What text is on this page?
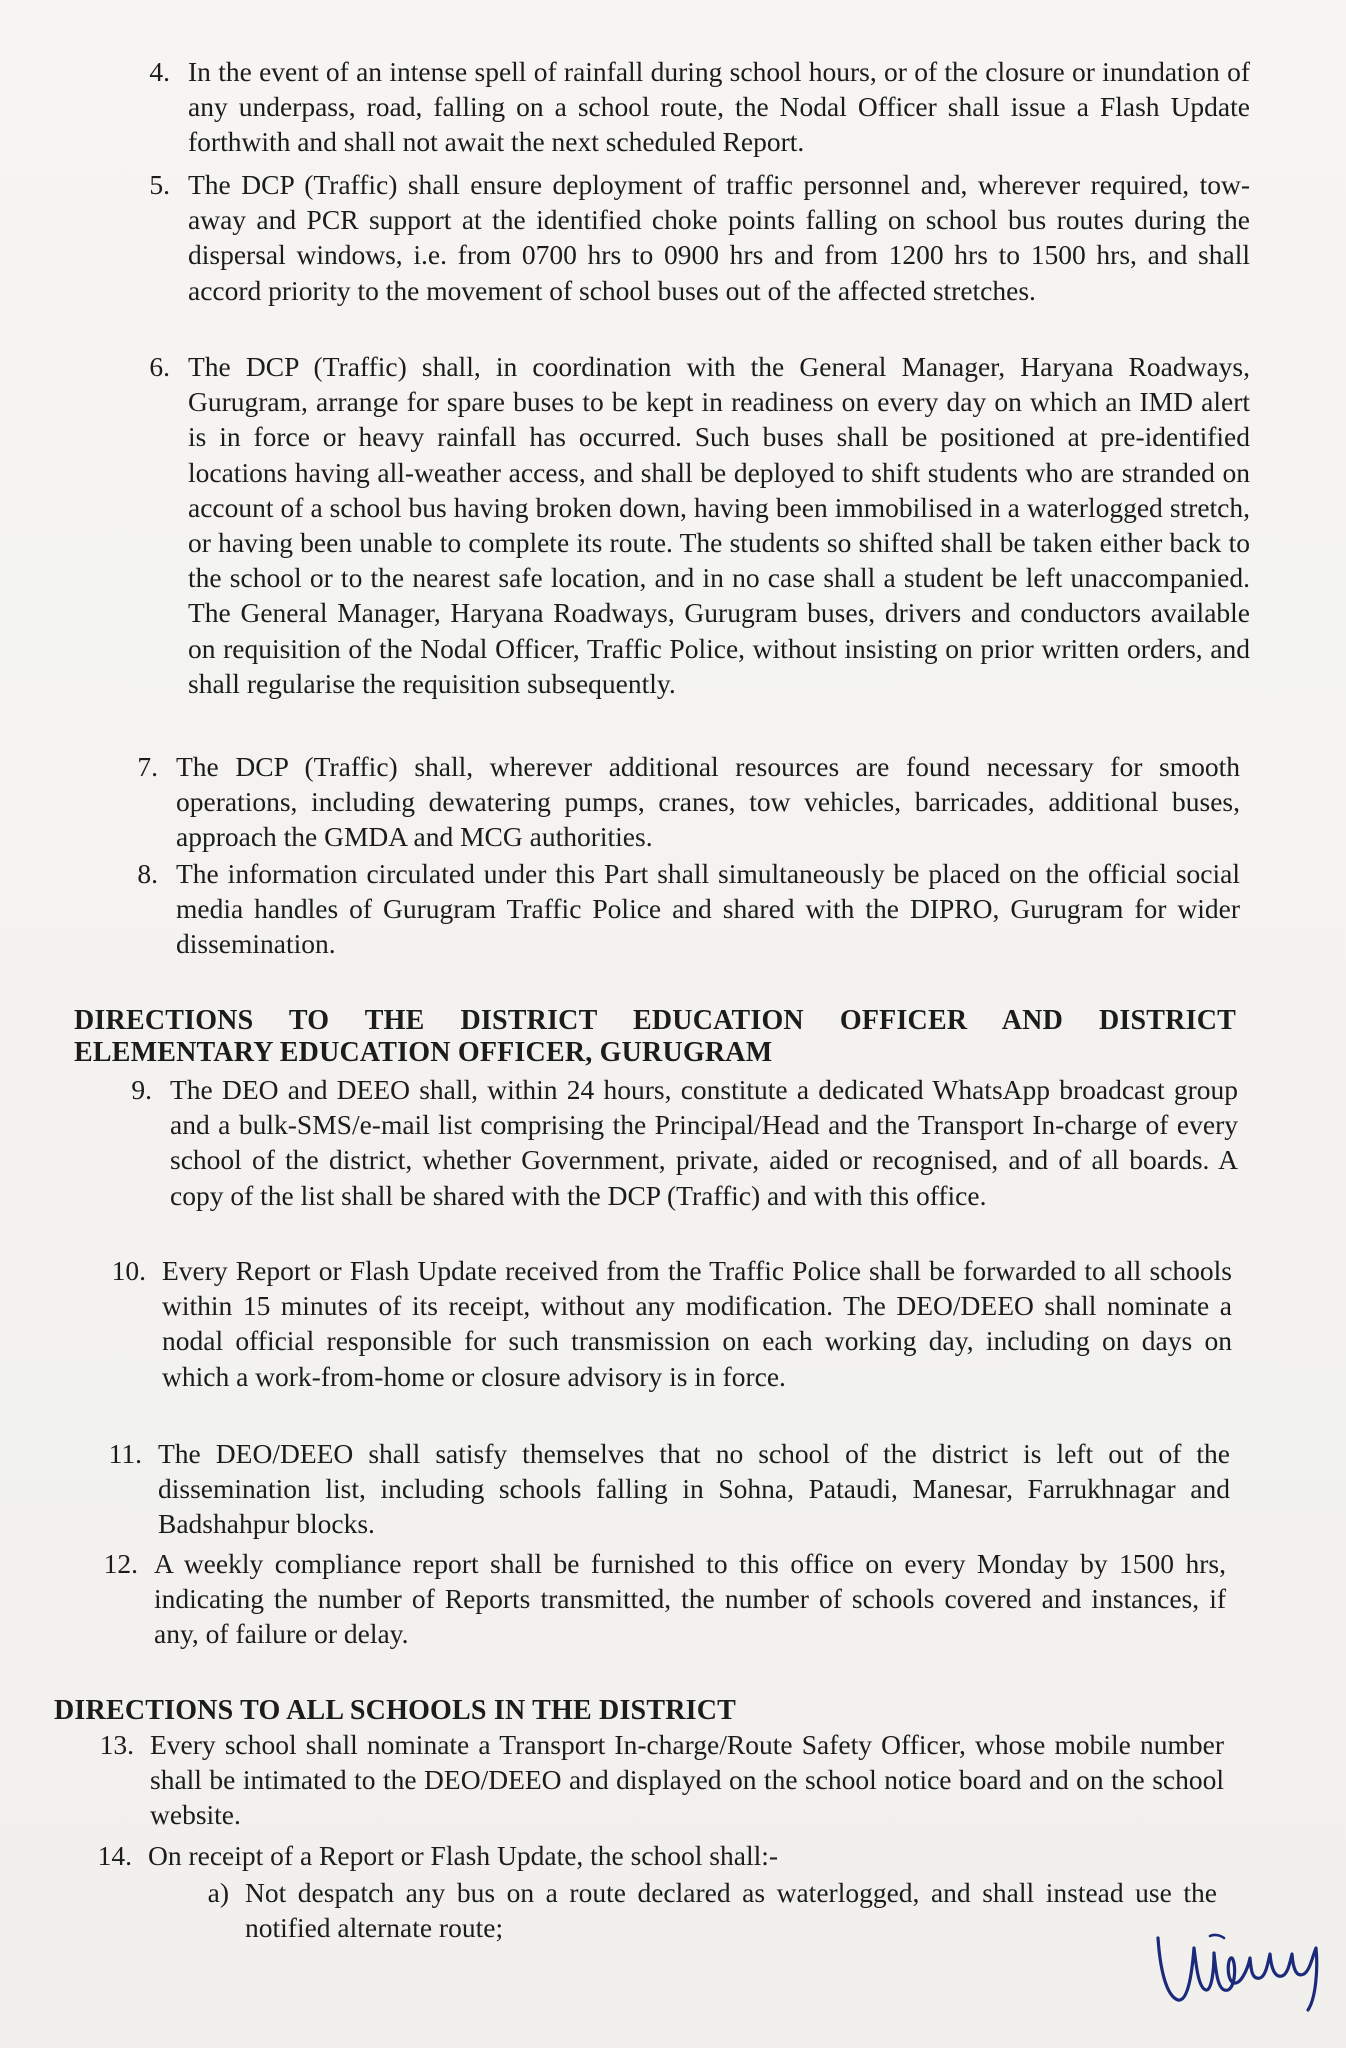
4. In the event of an intense spell of rainfall during school hours, or of the closure or inundation of any underpass, road, falling on a school route, the Nodal Officer shall issue a Flash Update forthwith and shall not await the next scheduled Report.
5. The DCP (Traffic) shall ensure deployment of traffic personnel and, wherever required, tow-away and PCR support at the identified choke points falling on school bus routes during the dispersal windows, i.e. from 0700 hrs to 0900 hrs and from 1200 hrs to 1500 hrs, and shall accord priority to the movement of school buses out of the affected stretches.
6. The DCP (Traffic) shall, in coordination with the General Manager, Haryana Roadways, Gurugram, arrange for spare buses to be kept in readiness on every day on which an IMD alert is in force or heavy rainfall has occurred. Such buses shall be positioned at pre-identified locations having all-weather access, and shall be deployed to shift students who are stranded on account of a school bus having broken down, having been immobilised in a waterlogged stretch, or having been unable to complete its route. The students so shifted shall be taken either back to the school or to the nearest safe location, and in no case shall a student be left unaccompanied. The General Manager, Haryana Roadways, Gurugram buses, drivers and conductors available on requisition of the Nodal Officer, Traffic Police, without insisting on prior written orders, and shall regularise the requisition subsequently.
7. The DCP (Traffic) shall, wherever additional resources are found necessary for smooth operations, including dewatering pumps, cranes, tow vehicles, barricades, additional buses, approach the GMDA and MCG authorities.
8. The information circulated under this Part shall simultaneously be placed on the official social media handles of Gurugram Traffic Police and shared with the DIPRO, Gurugram for wider dissemination.
DIRECTIONS TO THE DISTRICT EDUCATION OFFICER AND DISTRICT
ELEMENTARY EDUCATION OFFICER, GURUGRAM
9. The DEO and DEEO shall, within 24 hours, constitute a dedicated WhatsApp broadcast group and a bulk-SMS/e-mail list comprising the Principal/Head and the Transport In-charge of every school of the district, whether Government, private, aided or recognised, and of all boards. A copy of the list shall be shared with the DCP (Traffic) and with this office.
10. Every Report or Flash Update received from the Traffic Police shall be forwarded to all schools within 15 minutes of its receipt, without any modification. The DEO/DEEO shall nominate a nodal official responsible for such transmission on each working day, including on days on which a work-from-home or closure advisory is in force.
11. The DEO/DEEO shall satisfy themselves that no school of the district is left out of the dissemination list, including schools falling in Sohna, Pataudi, Manesar, Farrukhnagar and Badshahpur blocks.
12. A weekly compliance report shall be furnished to this office on every Monday by 1500 hrs, indicating the number of Reports transmitted, the number of schools covered and instances, if any, of failure or delay.
DIRECTIONS TO ALL SCHOOLS IN THE DISTRICT
13. Every school shall nominate a Transport In-charge/Route Safety Officer, whose mobile number shall be intimated to the DEO/DEEO and displayed on the school notice board and on the school website.
14. On receipt of a Report or Flash Update, the school shall:-
a) Not despatch any bus on a route declared as waterlogged, and shall instead use the notified alternate route;
